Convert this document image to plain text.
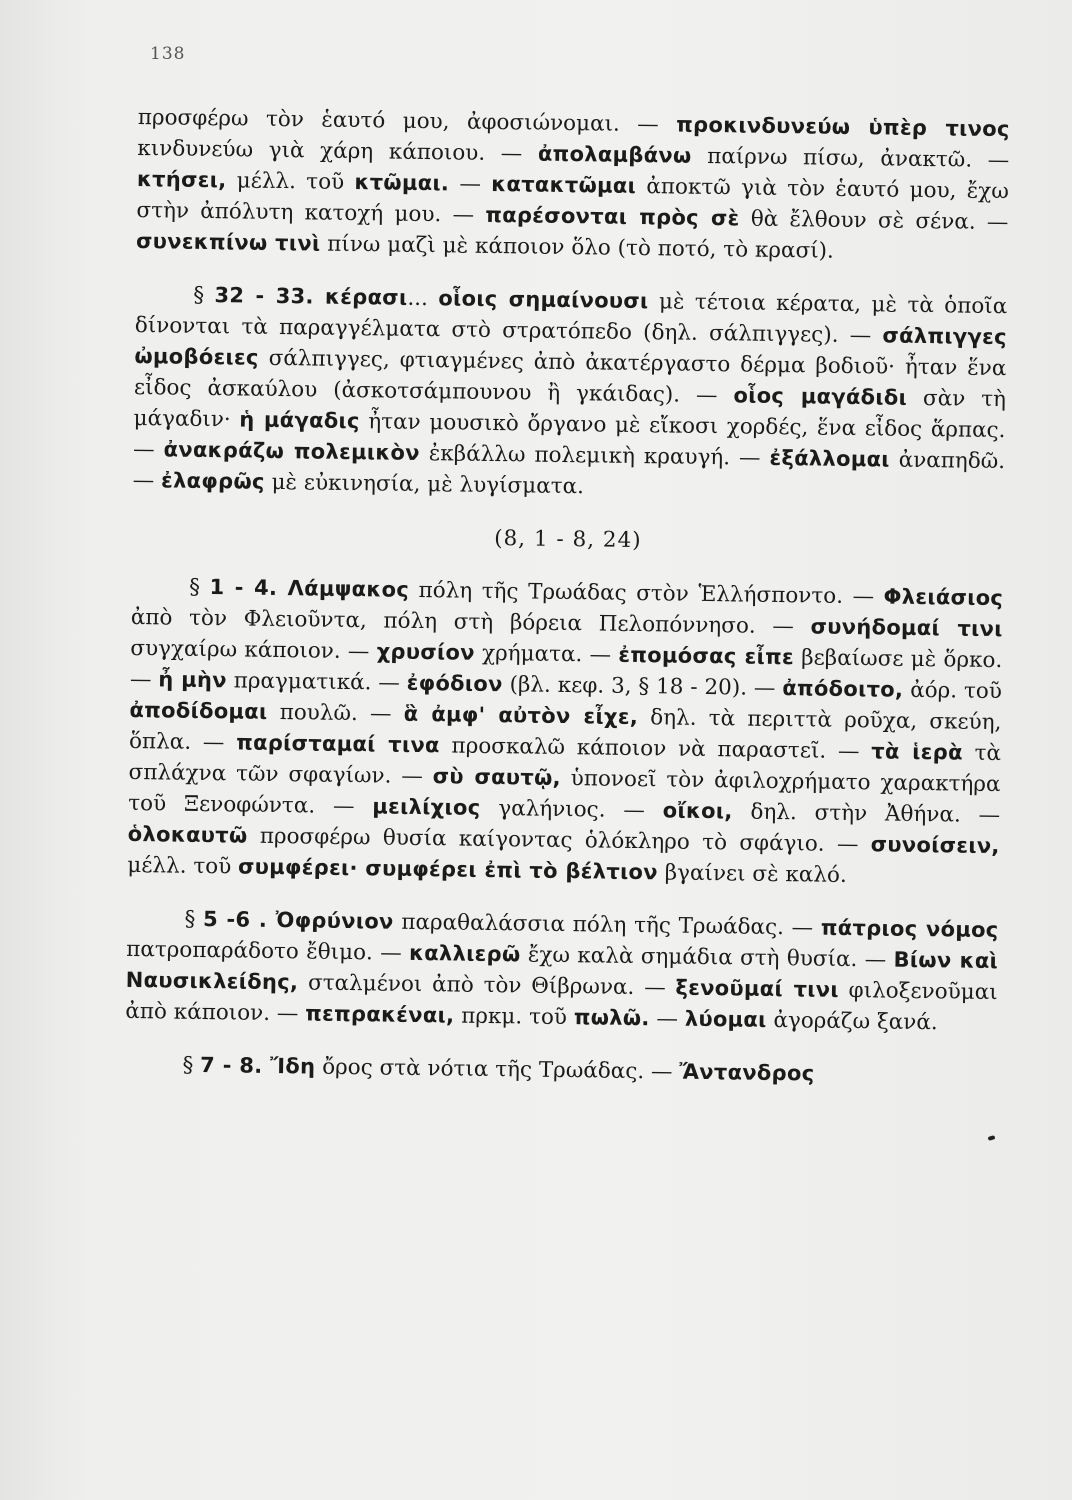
138

προσφέρω τὸν ἑαυτό μου, ἀφοσιώνομαι. — προκινδυνεύω ὑπὲρ τινος κινδυνεύω γιὰ χάρη κάποιου. — ἀπολαμβάνω παίρνω πίσω, ἀνακτῶ. — κτήσει, μέλλ. τοῦ κτῶμαι. — κατακτῶμαι ἀποκτῶ γιὰ τὸν ἑαυτό μου, ἔχω στὴν ἀπόλυτη κατοχή μου. — παρέσονται πρὸς σὲ θὰ ἔλθουν σὲ σένα. — συνεκπίνω τινὶ πίνω μαζὶ μὲ κάποιον ὅλο (τὸ ποτό, τὸ κρασί).

§ 32 - 33. κέρασι... οἷοις σημαίνουσι μὲ τέτοια κέρατα, μὲ τὰ ὁποῖα δίνονται τὰ παραγγέλματα στὸ στρατόπεδο (δηλ. σάλπιγγες). — σάλπιγγες ὠμοβόειες σάλπιγγες, φτιαγμένες ἀπὸ ἀκατέργαστο δέρμα βοδιοῦ· ἦταν ἕνα εἶδος ἀσκαύλου (ἀσκοτσάμπουνου ἢ γκάιδας). — οἷος μαγάδιδι σὰν τὴ μάγαδιν· ἡ μάγαδις ἦταν μουσικὸ ὄργανο μὲ εἴκοσι χορδές, ἕνα εἶδος ἅρπας. — ἀνακράζω πολεμικὸν ἐκβάλλω πολεμικὴ κραυγή. — ἐξάλλομαι ἀναπηδῶ. — ἐλαφρῶς μὲ εὐκινησία, μὲ λυγίσματα.

(8, 1 - 8, 24)

§ 1 - 4. Λάμψακος πόλη τῆς Τρωάδας στὸν Ἑλλήσποντο. — Φλειάσιος ἀπὸ τὸν Φλειοῦντα, πόλη στὴ βόρεια Πελοπόννησο. — συνήδομαί τινι συγχαίρω κάποιον. — χρυσίον χρήματα. — ἐπομόσας εἶπε βεβαίωσε μὲ ὅρκο. — ἦ μὴν πραγματικά. — ἐφόδιον (βλ. κεφ. 3, § 18 - 20). — ἀπόδοιτο, ἀόρ. τοῦ ἀποδίδομαι πουλῶ. — ἃ ἀμφ' αὐτὸν εἶχε, δηλ. τὰ περιττὰ ροῦχα, σκεύη, ὅπλα. — παρίσταμαί τινα προσκαλῶ κάποιον νὰ παραστεῖ. — τὰ ἱερὰ τὰ σπλάχνα τῶν σφαγίων. — σὺ σαυτῷ, ὑπονοεῖ τὸν ἀφιλοχρήματο χαρακτήρα τοῦ Ξενοφώντα. — μειλίχιος γαλήνιος. — οἴκοι, δηλ. στὴν Ἀθήνα. — ὁλοκαυτῶ προσφέρω θυσία καίγοντας ὁλόκληρο τὸ σφάγιο. — συνοίσειν, μέλλ. τοῦ συμφέρει· συμφέρει ἐπὶ τὸ βέλτιον βγαίνει σὲ καλό.

§ 5 -6 . Ὀφρύνιον παραθαλάσσια πόλη τῆς Τρωάδας. — πάτριος νόμος πατροπαράδοτο ἔθιμο. — καλλιερῶ ἔχω καλὰ σημάδια στὴ θυσία. — Βίων καὶ Ναυσικλείδης, σταλμένοι ἀπὸ τὸν Θίβρωνα. — ξενοῦμαί τινι φιλοξενοῦμαι ἀπὸ κάποιον. — πεπρακέναι, πρκμ. τοῦ πωλῶ. — λύομαι ἀγοράζω ξανά.

§ 7 - 8. Ἴδη ὄρος στὰ νότια τῆς Τρωάδας. — Ἄντανδρος
